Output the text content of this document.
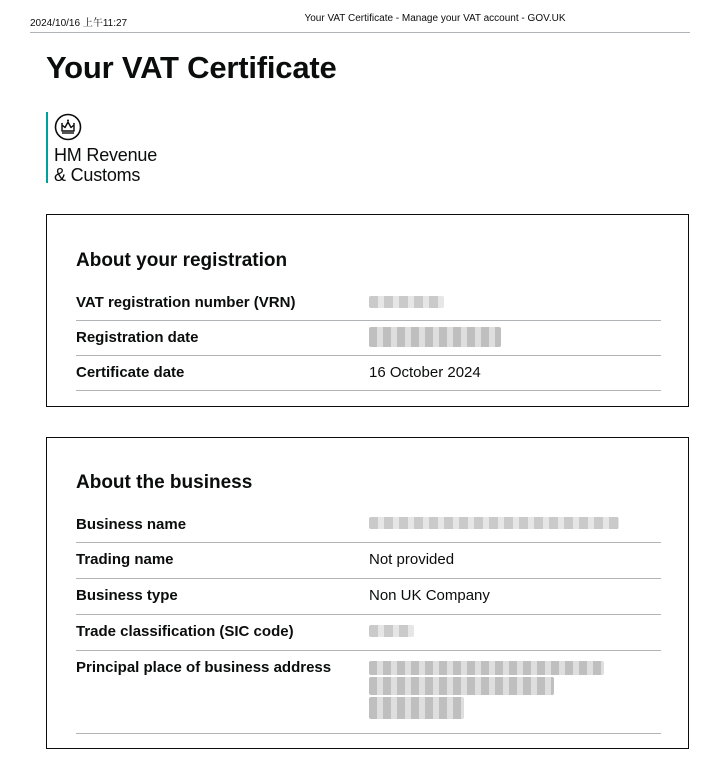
2024/10/16 上午11:27	Your VAT Certificate - Manage your VAT account - GOV.UK
Your VAT Certificate
HM Revenue
& Customs
About your registration
VAT registration number (VRN)
Registration date
Certificate date	16 October 2024
About the business
Business name
Trading name	Not provided
Business type	Non UK Company
Trade classification (SIC code)
Principal place of business address
